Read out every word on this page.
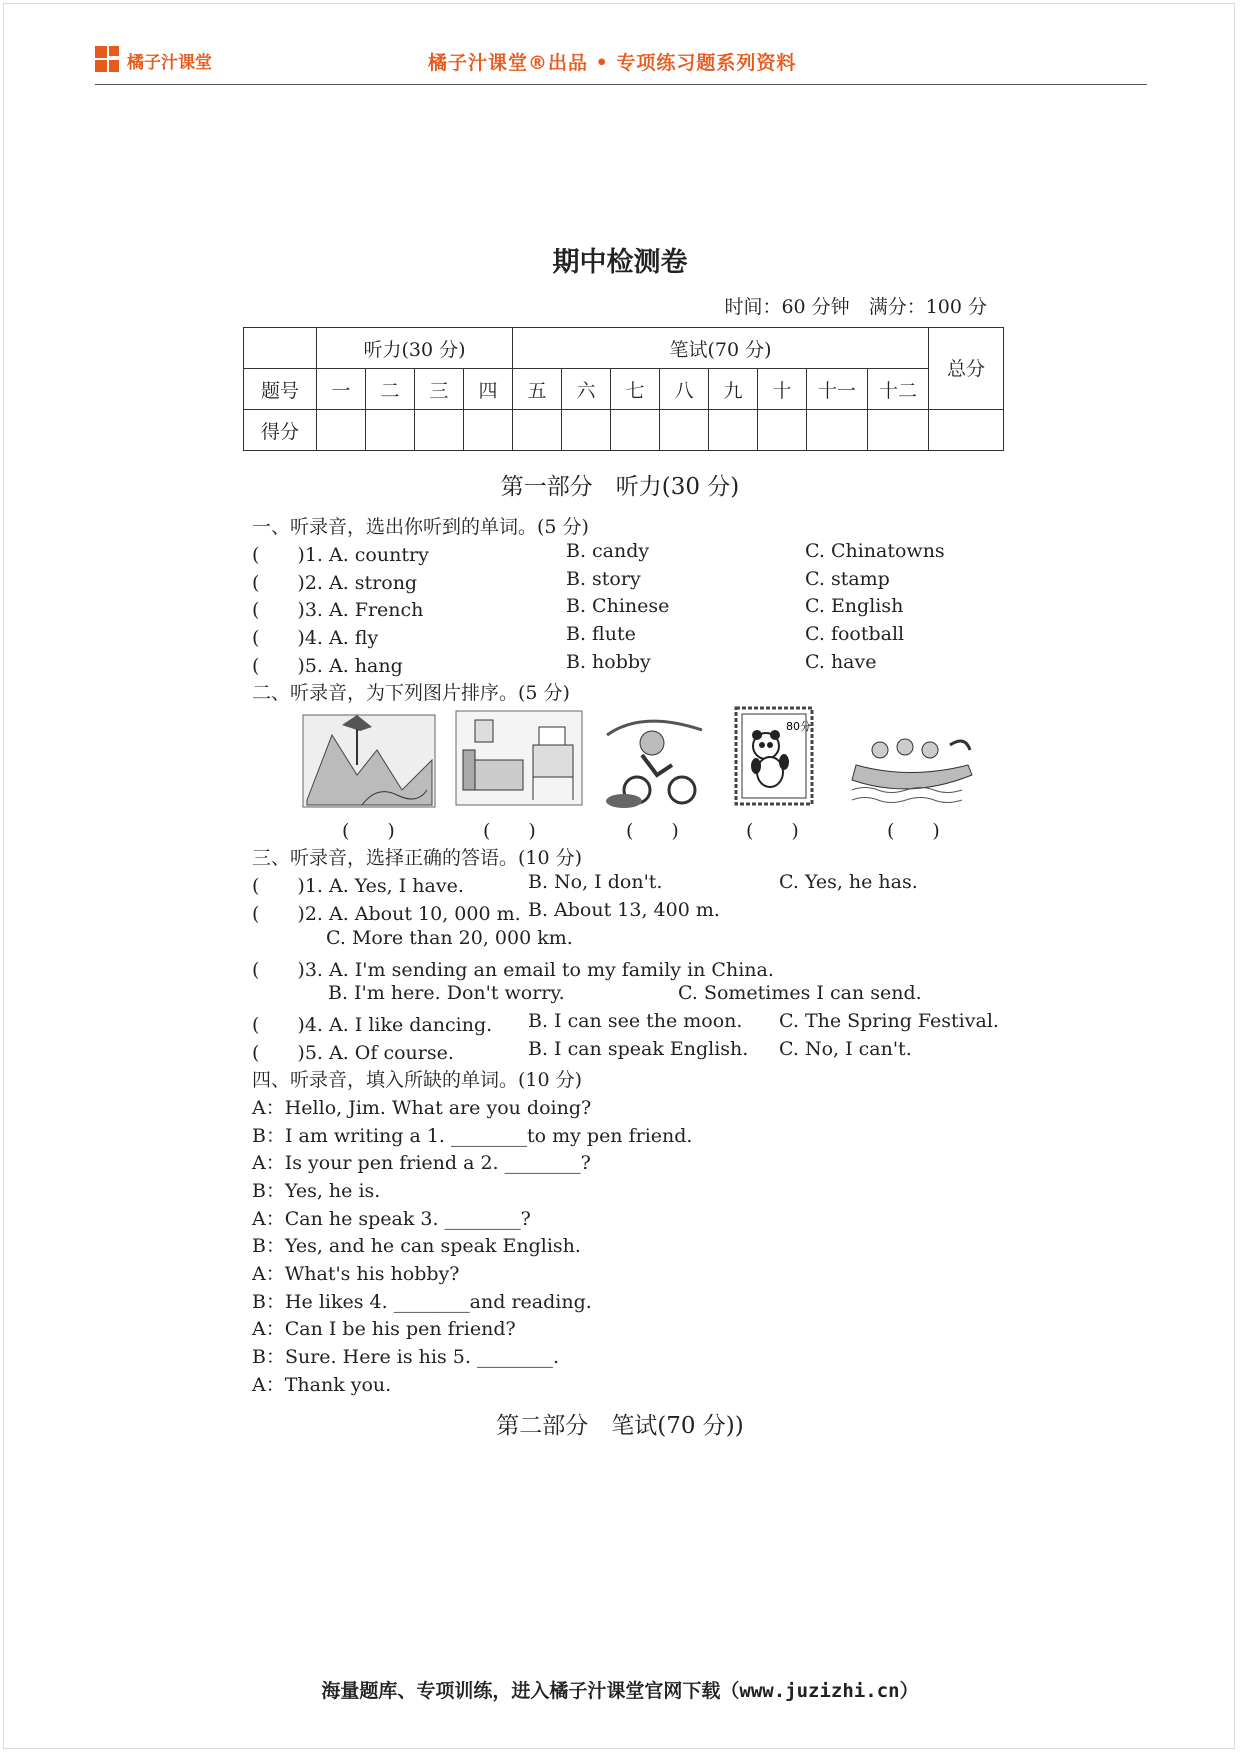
橘子汁课堂	橘子汁课堂®出品 • 专项练习题系列资料
期中检测卷
时间：60 分钟　 满分：100 分
	听力(30 分)				笔试(70 分)								总分
题号	一	二	三	四	五	六	七	八	九	十	十一	十二	
得分													
第一部分　听力(30 分)
一、听录音，选出你听到的单词。(5 分)
(　　)1. A. country	B. candy	C. Chinatowns
(　　)2. A. strong	B. story	C. stamp
(　　)3. A. French	B. Chinese	C. English
(　　)4. A. fly	B. flute	C. football
(　　)5. A. hang	B. hobby	C. have
二、听录音，为下列图片排序。(5 分)
80分
(　　)	(　　)	(　　)	(　　)	(　　)
三、听录音，选择正确的答语。(10 分)
(　　)1. A. Yes, I have.	B. No, I don't.	C. Yes, he has.
(　　)2. A. About 10, 000 m. B. About 13, 400 m.
C. More than 20, 000 km.
(　　)3. A. I'm sending an email to my family in China.
B. I'm here. Don't worry.	C. Sometimes I can send.
(　　)4. A. I like dancing. B. I can see the moon. C. The Spring Festival.
(　　)5. A. Of course.	B. I can speak English. C. No, I can't.
四、听录音，填入所缺的单词。(10 分)
A：Hello, Jim. What are you doing?
B：I am writing a 1. ________to my pen friend.
A：Is your pen friend a 2. ________?
B：Yes, he is.
A：Can he speak 3. ________?
B：Yes, and he can speak English.
A：What's his hobby?
B：He likes 4. ________and reading.
A：Can I be his pen friend?
B：Sure. Here is his 5. ________.
A：Thank you.
第二部分　笔试(70 分))
海量题库、专项训练，进入橘子汁课堂官网下载（www.juzizhi.cn）
